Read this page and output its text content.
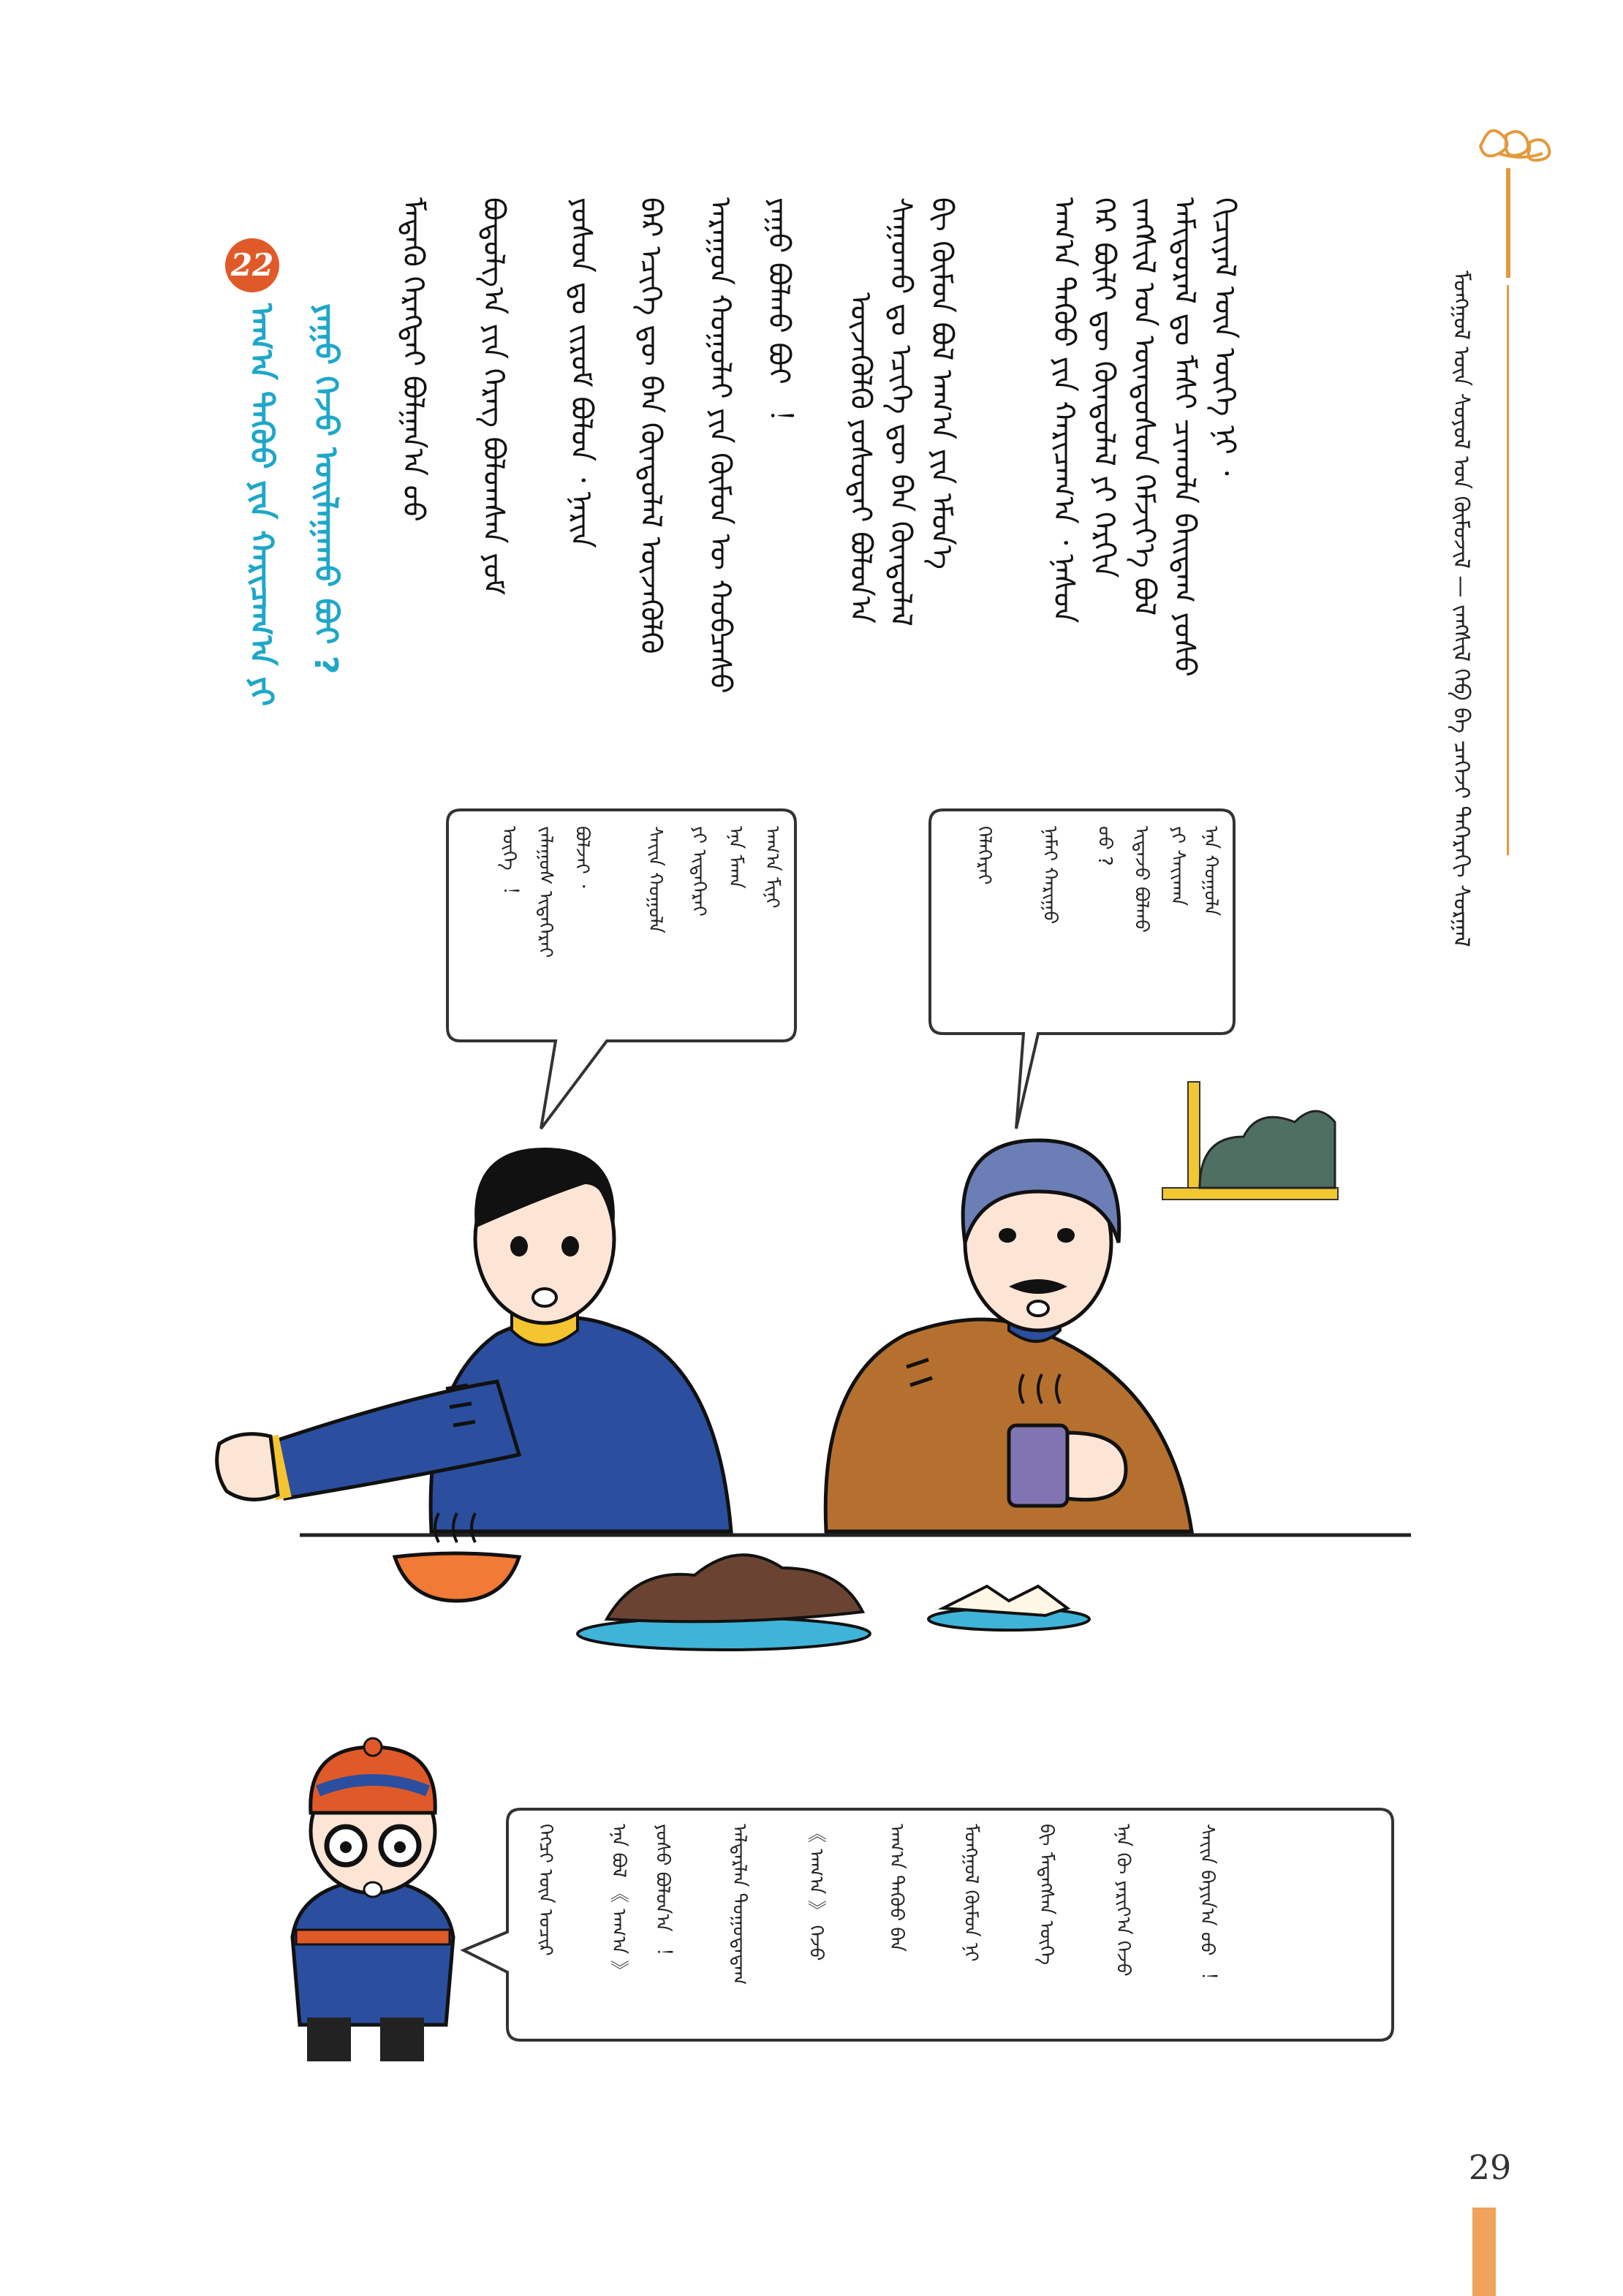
ᠮᠣᠩᠭᠣᠯ ᠦᠨ ᠰᠤᠶᠤᠯ ᠤᠨ ᠬᠦᠮᠦᠵᠢᠯ — ᠵᠠᠩᠰᠢᠯ ᠬᠡᠪ ᠪᠠ ᠴᠡᠭᠡᠵᠢ ᠳᠡᠭᠡᠷᠡᠬᠢ ᠰᠤᠷᠭᠠᠯ
ᠬᠢᠴᠢᠶᠡᠯ ᠦᠨ ᠦᠭᠡ ᠨᠢ ᠂
ᠠᠮᠢᠳᠤᠷᠠᠯ ᠳᠤ ᠮᠠᠰᠢ ᠴᠢᠬᠤᠯᠠ ᠪᠠᠢᠳᠠᠭ ᠶᠤᠰᠤ
ᠵᠠᠩᠰᠢᠯ ᠤᠨ ᠦᠨᠳᠦᠰᠦᠨ ᠬᠡᠮᠵᠢᠶ᠎ᠡ ᠪᠣᠯ
ᠭᠡᠷ ᠪᠦᠯᠢ ᠳᠦ ᠬᠦᠨᠳᠦᠯᠡᠯ ᠶᠢ ᠬᠡᠷᠬᠢᠨ
ᠠᠬ᠎ᠠ ᠳᠡᠭᠦᠦ ᠶᠢᠨ ᠬᠠᠷᠢᠴᠠᠭ᠎ᠠ ᠂ ᠨᠠᠰᠤᠨ
ᠪᠢ ᠬᠦᠮᠦᠨ ᠪᠣᠯ ᠠᠬ᠎ᠠ ᠶᠢᠨ ᠡᠮᠦᠨ᠎ᠡ
ᠰᠠᠭᠤᠬᠤ ᠳᠤ ᠡᠴᠢᠭᠡ ᠳᠦ ᠪᠠᠨ ᠬᠦᠨᠳᠦᠯᠡᠯ
ᠦᠵᠡᠭᠦᠯᠬᠦ ᠶᠣᠰᠣᠲᠠᠢ ᠪᠣᠯᠤᠨ᠎ᠠ
ᠶᠠᠭᠤ ᠪᠣᠯᠬᠤ ᠪᠤᠢ ︕
ᠠᠷᠠᠭᠤᠨ ᠬᠤᠭᠤᠯᠠᠢ ᠶᠢᠨ ᠬᠦᠮᠦᠨ ᠦ ᠬᠤᠪᠴᠠᠰᠤ
ᠪᠠᠷ ᠡᠴᠢᠭᠡ ᠳᠦ ᠪᠠᠨ ᠬᠦᠨᠳᠦᠯᠡᠯ ᠦᠵᠡᠭᠦᠯᠬᠦ
ᠶᠤᠰᠤᠨ ᠳᠤ ᠵᠢᠷᠤᠮ ᠪᠣᠯᠤᠨ ᠂ ᠨᠠᠷᠢᠨ
ᠪᠣᠳᠤᠯᠭ᠎ᠠ ᠶᠢᠨ ᠬᠡᠷᠡᠭ ᠪᠣᠯᠤᠭᠰᠠᠨ ᠶᠤᠮ
ᠮᠡᠳᠡᠬᠦ ᠬᠡᠷᠡᠭᠲᠡᠢ ᠪᠣᠯᠭᠠᠨ᠎ᠠ ᠤᠤ
22
ᠠᠬ᠎ᠠ ᠳᠡᠭᠦᠦ ᠶᠢᠨ ᠬᠠᠷᠢᠴᠠᠭ᠎ᠠ ᠶᠢ ᠶᠠᠭᠤ ᠭᠡᠵᠦ ᠤᠢᠯᠠᠭᠠᠬᠤ ᠪᠤᠢ ?
ᠡᠨᠡ ᠬᠣᠭᠣᠯᠠ
ᠶᠢ ᠰᠠᠶ᠋ᠢᠬᠠᠨ
ᠢᠳᠡᠵᠦ ᠪᠣᠯᠬᠤ
ᠤᠤ ?
ᠨᠠᠮᠠᠢ ᠬᠠᠷᠢᠭᠤ
ᠬᠡᠯᠡᠭᠡᠷᠡᠢ
ᠠᠬ᠎ᠠ ᠮᠢᠨᠢ
ᠡᠨᠡ ᠮᠠᠬᠠ
ᠶᠢ ᠢᠳᠡᠭᠡᠷᠡᠢ
ᠰᠠᠶ᠋ᠢᠨ ᠬᠣᠭᠣᠯᠠ
ᠪᠣᠯᠵᠠᠢ ᠂
ᠵᠠᠯᠠᠭᠤᠰ ᠢᠳᠡᠭᠡᠷᠡᠢ
ᠦᠭᠡ ︕
ᠰᠠᠶ᠋ᠢᠨ ᠪᠠᠶᠢᠨ᠎ᠠ ᠤᠤ ︕
ᠡᠨᠡ ᠬᠦ ᠶᠠᠷᠢᠶ᠎ᠠ ᠬᠡᠵᠦ
ᠪᠢ ᠮᠡᠳᠡᠭᠰᠡᠨ ᠦᠭᠡ
ᠮᠣᠩᠭᠣᠯ ᠬᠦᠮᠦᠨ ᠨᠢ
ᠠᠬ᠎ᠠ ᠳᠡᠭᠦᠦ ᠪᠡᠨ
《 ᠠᠬ᠎ᠠ 》 ᠭᠡᠵᠦ
ᠠᠯᠳᠠᠷᠯᠠᠨ ᠳᠤᠭᠤᠳᠠᠳᠠᠭ
ᠶᠣᠰᠣ ᠪᠣᠯᠤᠨ᠎ᠠ ︕
ᠡᠨᠡ ᠪᠣᠯ 《 ᠠᠬ᠎ᠠ 》
ᠭᠡᠭᠴᠢ ᠦᠨ ᠤᠴᠢᠷ
29
